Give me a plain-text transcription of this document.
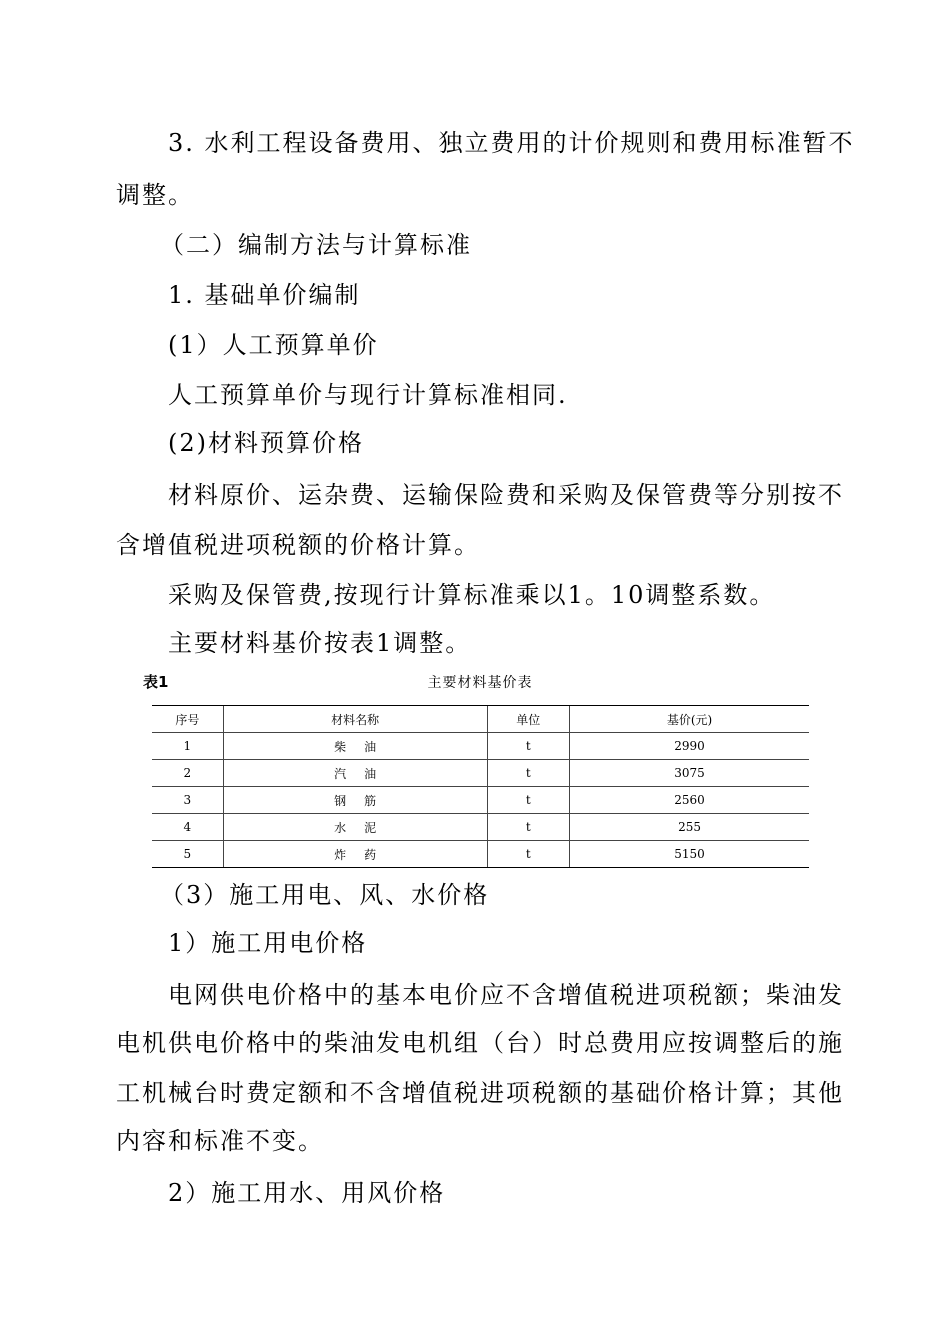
3. 水利工程设备费用、独立费用的计价规则和费用标准暂不
调整。
（二）编制方法与计算标准
1. 基础单价编制
(1）人工预算单价
人工预算单价与现行计算标准相同.
(2)材料预算价格
材料原价、运杂费、运输保险费和采购及保管费等分别按不
含增值税进项税额的价格计算。
采购及保管费,按现行计算标准乘以1。10调整系数。
主要材料基价按表1调整。
表1	主要材料基价表
序号	材料名称	单位	基价(元)
1	柴油	t	2990
2	汽油	t	3075
3	钢筋	t	2560
4	水泥	t	255
5	炸药	t	5150
（3）施工用电、风、水价格
1）施工用电价格
电网供电价格中的基本电价应不含增值税进项税额；柴油发
电机供电价格中的柴油发电机组（台）时总费用应按调整后的施
工机械台时费定额和不含增值税进项税额的基础价格计算；其他
内容和标准不变。
2）施工用水、用风价格
